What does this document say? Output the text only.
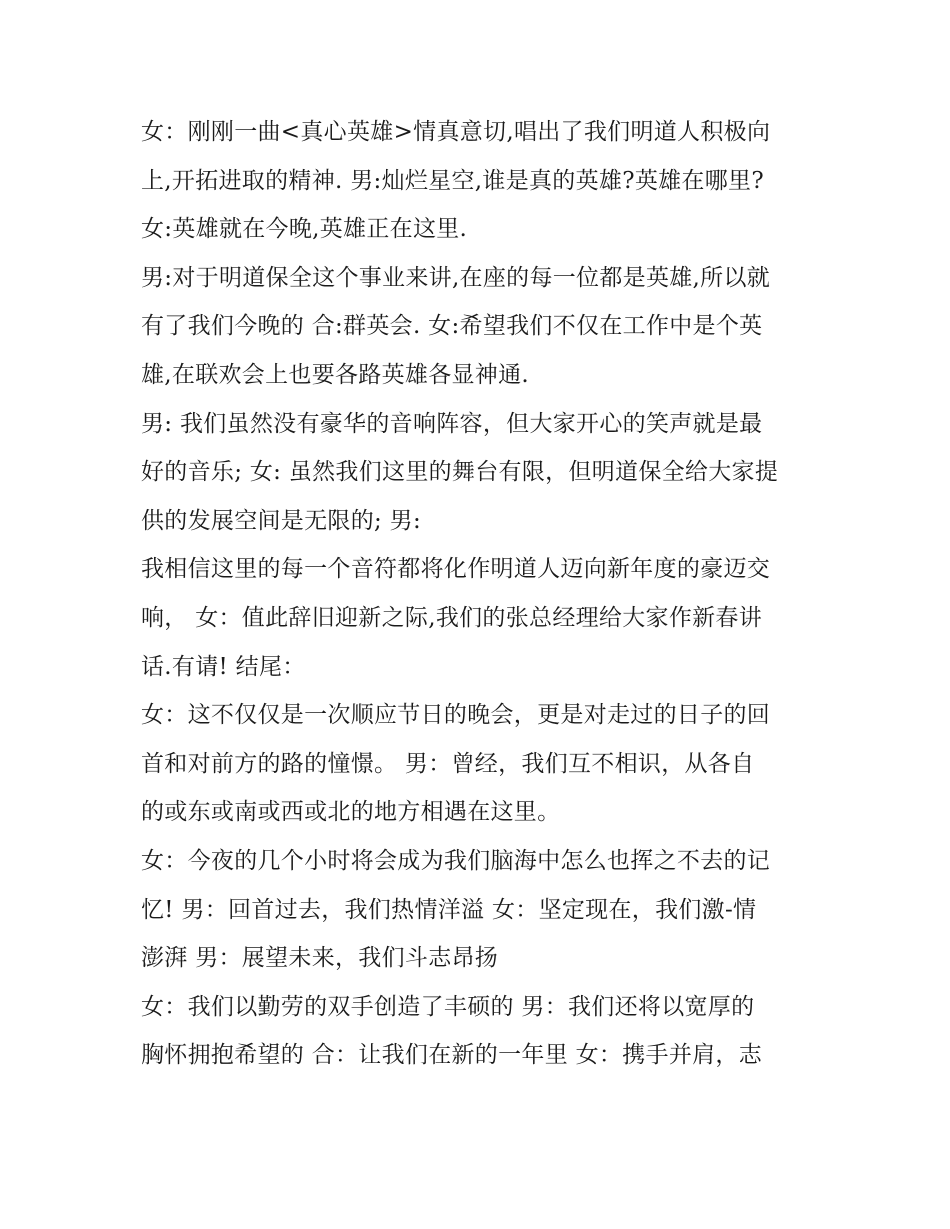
女：刚刚一曲<真心英雄>情真意切,唱出了我们明道人积极向
上,开拓进取的精神. 男:灿烂星空,谁是真的英雄?英雄在哪里?
女:英雄就在今晚,英雄正在这里.
男:对于明道保全这个事业来讲,在座的每一位都是英雄,所以就
有了我们今晚的 合:群英会. 女:希望我们不仅在工作中是个英
雄,在联欢会上也要各路英雄各显神通.
男: 我们虽然没有豪华的音响阵容，但大家开心的笑声就是最
好的音乐; 女: 虽然我们这里的舞台有限，但明道保全给大家提
供的发展空间是无限的; 男:
我相信这里的每一个音符都将化作明道人迈向新年度的豪迈交
响， 女：值此辞旧迎新之际,我们的张总经理给大家作新春讲
话.有请! 结尾：
女：这不仅仅是一次顺应节日的晚会，更是对走过的日子的回
首和对前方的路的憧憬。 男：曾经，我们互不相识，从各自
的或东或南或西或北的地方相遇在这里。
女：今夜的几个小时将会成为我们脑海中怎么也挥之不去的记
忆! 男：回首过去，我们热情洋溢 女：坚定现在，我们激-情
澎湃 男：展望未来，我们斗志昂扬
女：我们以勤劳的双手创造了丰硕的 男：我们还将以宽厚的
胸怀拥抱希望的 合：让我们在新的一年里 女：携手并肩，志
